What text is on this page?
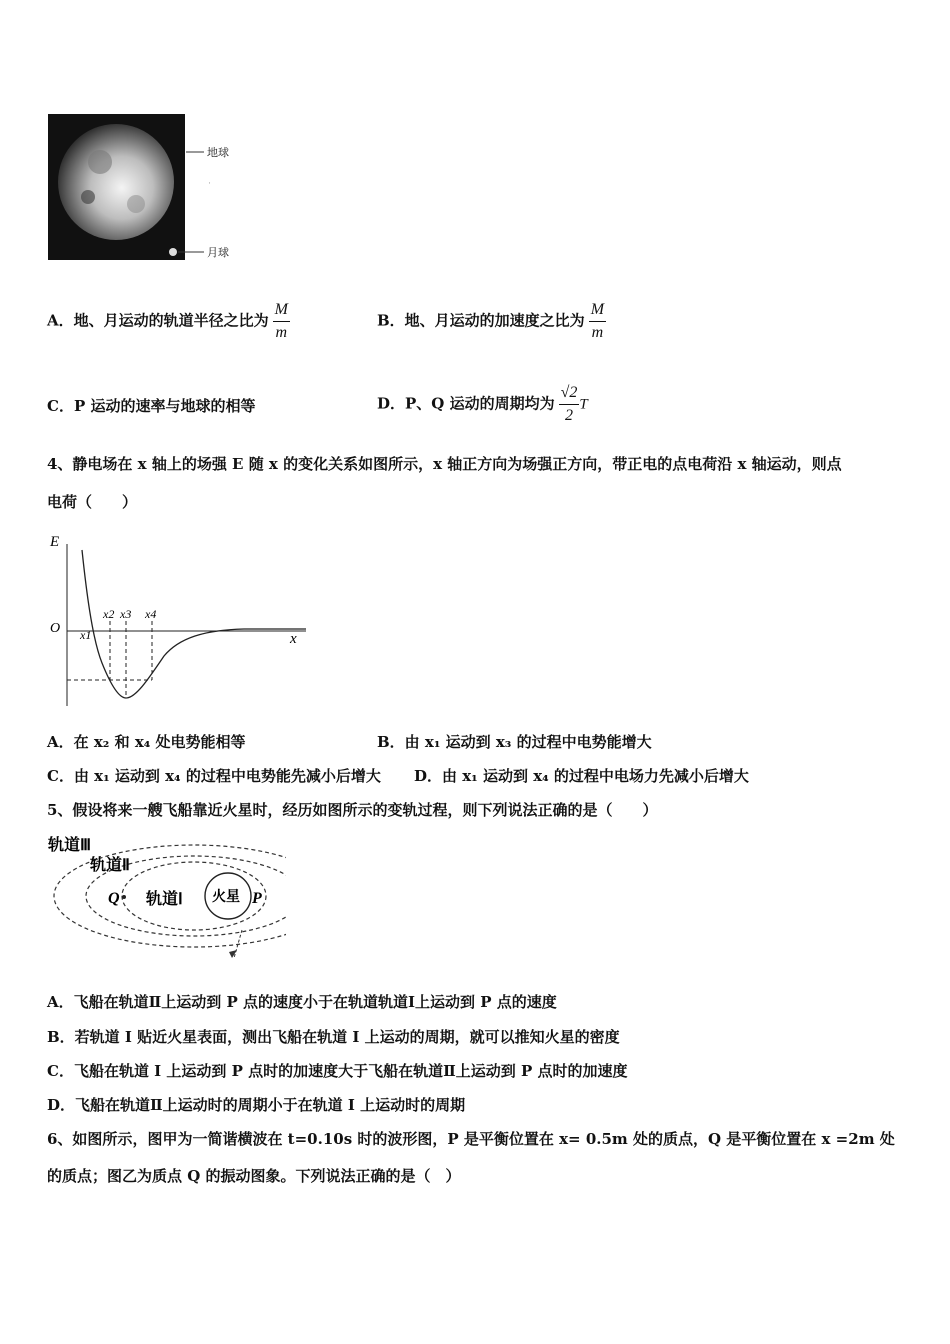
地球
月球
·
A．地、月运动的轨道半径之比为 $\frac{M}{m}$	B．地、月运动的加速度之比为 $\frac{M}{m}$
C．P 运动的速率与地球的相等	D．P、Q 运动的周期均为 $\frac{√2}{2}$ T
4、静电场在 x 轴上的场强 E 随 x 的变化关系如图所示，x 轴正方向为场强正方向，带正电的点电荷沿 x 轴运动，则点
电荷（　　）
E
x
O x1
x2 x3 x4
A．在 x₂ 和 x₄ 处电势能相等	B．由 x₁ 运动到 x₃ 的过程中电势能增大
C．由 x₁ 运动到 x₄ 的过程中电势能先减小后增大 D．由 x₁ 运动到 x₄ 的过程中电场力先减小后增大
5、假设将来一艘飞船靠近火星时，经历如图所示的变轨过程，则下列说法正确的是（　　）
轨道Ⅲ
轨道Ⅱ
轨道Ⅰ 火星
Q	P
A．飞船在轨道Ⅱ上运动到 P 点的速度小于在轨道轨道Ⅰ上运动到 P 点的速度
B．若轨道 I 贴近火星表面，测出飞船在轨道 I 上运动的周期，就可以推知火星的密度
C．飞船在轨道 I 上运动到 P 点时的加速度大于飞船在轨道Ⅱ上运动到 P 点时的加速度
D．飞船在轨道Ⅱ上运动时的周期小于在轨道 I 上运动时的周期
6、如图所示，图甲为一简谐横波在 t=0.10s 时的波形图，P 是平衡位置在 x= 0.5m 处的质点，Q 是平衡位置在 x =2m 处
的质点；图乙为质点 Q 的振动图象。下列说法正确的是（　）
